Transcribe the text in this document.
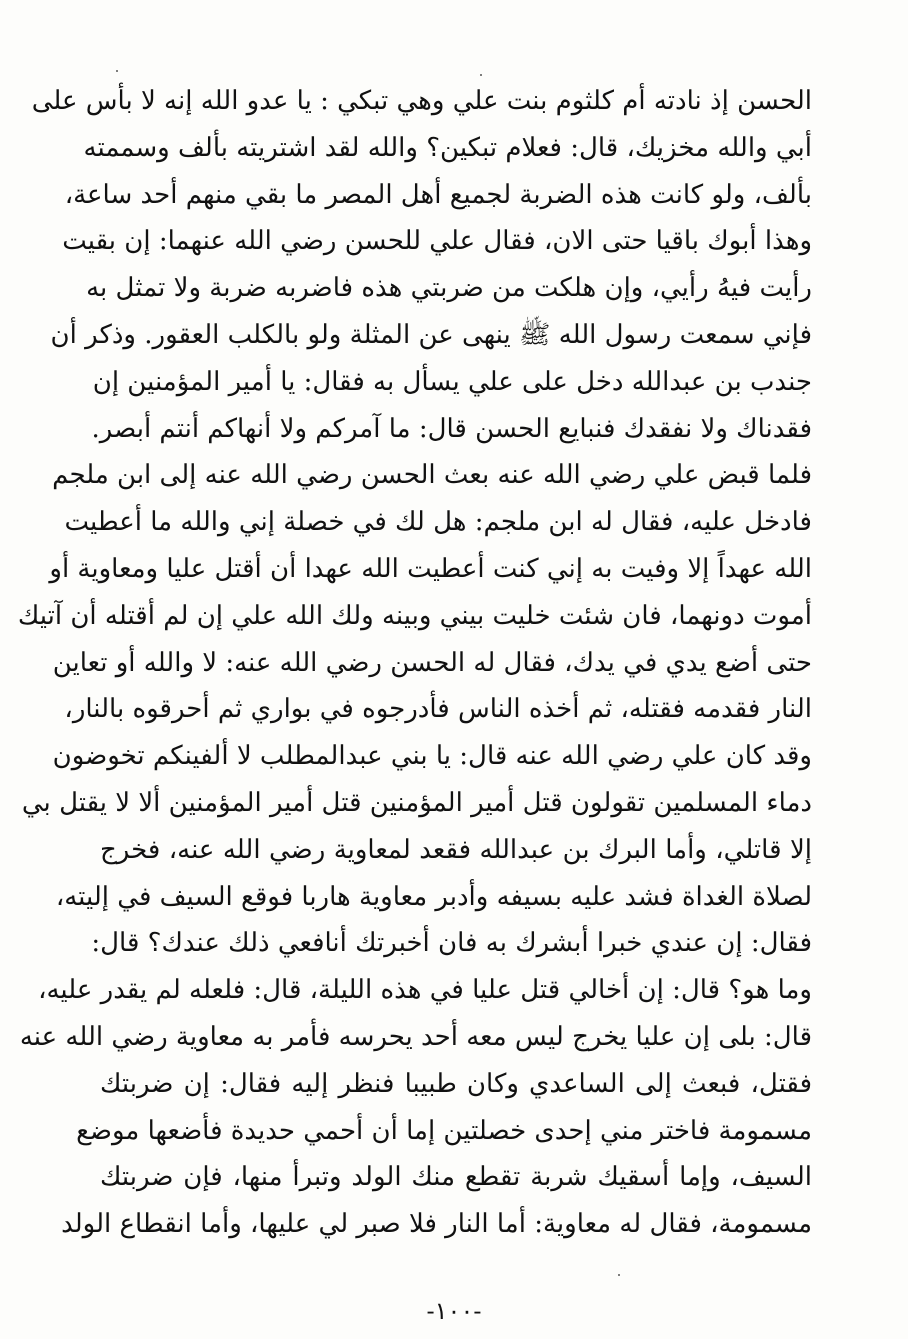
الحسن إذ نادته أم كلثوم بنت علي وهي تبكي : يا عدو الله إنه لا بأس على
أبي والله مخزيك، قال: فعلام تبكين؟ والله لقد اشتريته بألف وسممته
بألف، ولو كانت هذه الضربة لجميع أهل المصر ما بقي منهم أحد ساعة،
وهذا أبوك باقيا حتى الان، فقال علي للحسن رضي الله عنهما: إن بقيت
رأيت فيهُ رأيي، وإن هلكت من ضربتي هذه فاضربه ضربة ولا تمثل به
فإني سمعت رسول الله ﷺ ينهى عن المثلة ولو بالكلب العقور. وذكر أن
جندب بن عبدالله دخل على علي يسأل به فقال: يا أمير المؤمنين إن
فقدناك ولا نفقدك فنبايع الحسن قال: ما آمركم ولا أنهاكم أنتم أبصر.
فلما قبض علي رضي الله عنه بعث الحسن رضي الله عنه إلى ابن ملجم
فادخل عليه، فقال له ابن ملجم: هل لك في خصلة إني والله ما أعطيت
الله عهداً إلا وفيت به إني كنت أعطيت الله عهدا أن أقتل عليا ومعاوية أو
أموت دونهما، فان شئت خليت بيني وبينه ولك الله علي إن لم أقتله أن آتيك
حتى أضع يدي في يدك، فقال له الحسن رضي الله عنه: لا والله أو تعاين
النار فقدمه فقتله، ثم أخذه الناس فأدرجوه في بواري ثم أحرقوه بالنار،
وقد كان علي رضي الله عنه قال: يا بني عبدالمطلب لا ألفينكم تخوضون
دماء المسلمين تقولون قتل أمير المؤمنين قتل أمير المؤمنين ألا لا يقتل بي
إلا قاتلي، وأما البرك بن عبدالله فقعد لمعاوية رضي الله عنه، فخرج
لصلاة الغداة فشد عليه بسيفه وأدبر معاوية هاربا فوقع السيف في إليته،
فقال: إن عندي خبرا أبشرك به فان أخبرتك أنافعي ذلك عندك؟ قال:
وما هو؟ قال: إن أخالي قتل عليا في هذه الليلة، قال: فلعله لم يقدر عليه،
قال: بلى إن عليا يخرج ليس معه أحد يحرسه فأمر به معاوية رضي الله عنه
فقتل، فبعث إلى الساعدي وكان طبيبا فنظر إليه فقال: إن ضربتك
مسمومة فاختر مني إحدى خصلتين إما أن أحمي حديدة فأضعها موضع
السيف، وإما أسقيك شربة تقطع منك الولد وتبرأ منها، فإن ضربتك
مسمومة، فقال له معاوية: أما النار فلا صبر لي عليها، وأما انقطاع الولد
-١٠٠-
